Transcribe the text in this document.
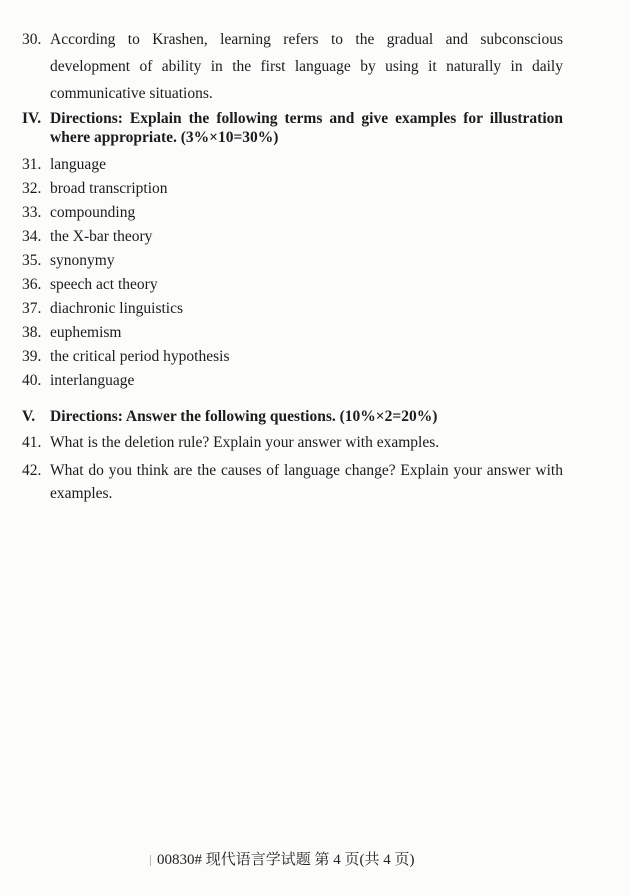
30. According to Krashen, learning refers to the gradual and subconscious development of ability in the first language by using it naturally in daily communicative situations.
IV. Directions: Explain the following terms and give examples for illustration where appropriate. (3%×10=30%)
31. language
32. broad transcription
33. compounding
34. the X-bar theory
35. synonymy
36. speech act theory
37. diachronic linguistics
38. euphemism
39. the critical period hypothesis
40. interlanguage
V. Directions: Answer the following questions. (10%×2=20%)
41. What is the deletion rule? Explain your answer with examples.
42. What do you think are the causes of language change? Explain your answer with examples.
00830# 现代语言学试题 第 4 页(共 4 页)
